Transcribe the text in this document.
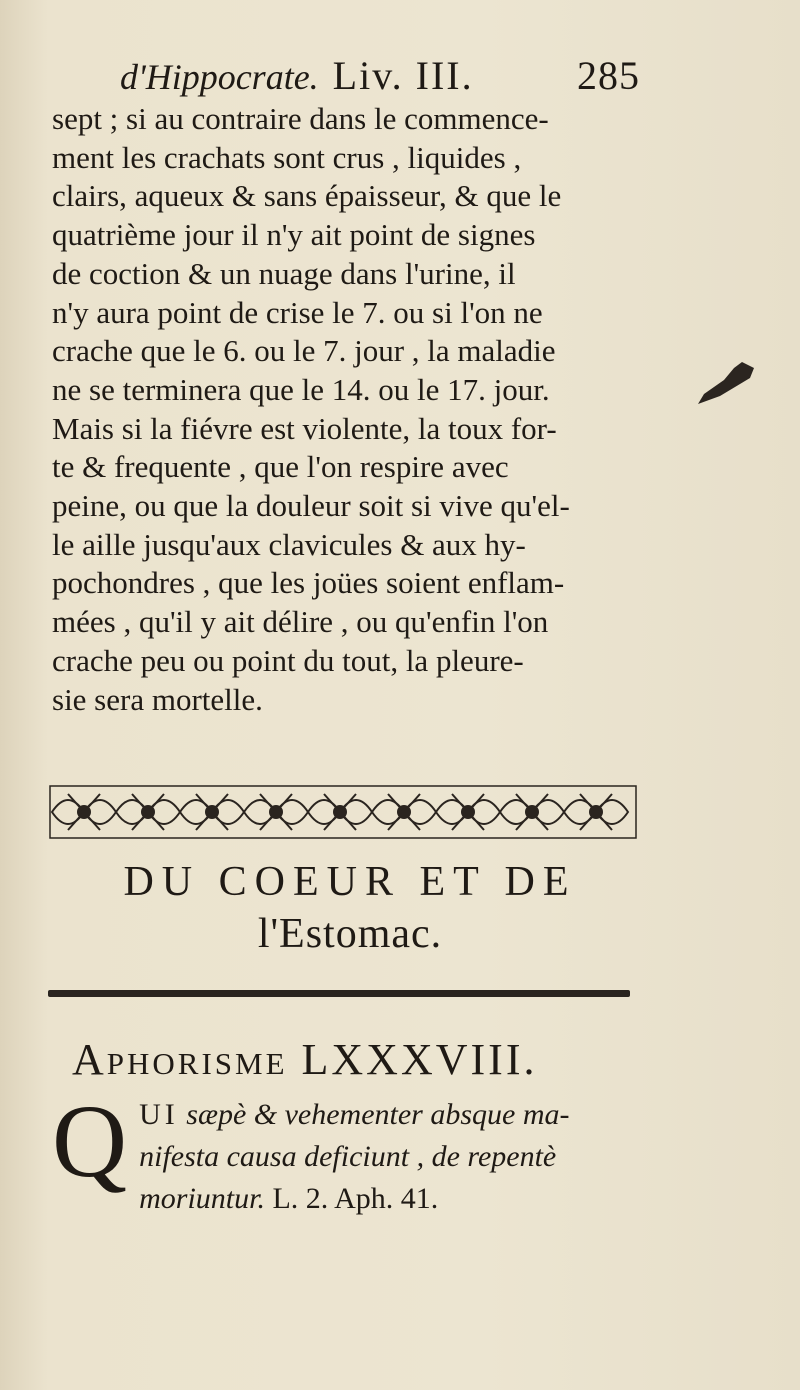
d'Hippocrate. Liv. III.	285
sept ; si au contraire dans le commence-
ment les crachats sont crus , liquides ,
clairs, aqueux & sans épaisseur, & que le
quatrième jour il n'y ait point de signes
de coction & un nuage dans l'urine, il
n'y aura point de crise le 7. ou si l'on ne
crache que le 6. ou le 7. jour , la maladie
ne se terminera que le 14. ou le 17. jour.
Mais si la fiévre est violente, la toux for-
te & frequente , que l'on respire avec
peine, ou que la douleur soit si vive qu'el-
le aille jusqu'aux clavicules & aux hy-
pochondres , que les joües soient enflam-
mées , qu'il y ait délire , ou qu'enfin l'on
crache peu ou point du tout, la pleure-
sie sera mortelle.
DU COEUR ET DE
l'Estomac.
Aphorisme LXXXVIII.
Q UI sæpè & vehementer absque ma-
nifesta causa deficiunt , de repentè
moriuntur. L. 2. Aph. 41.
